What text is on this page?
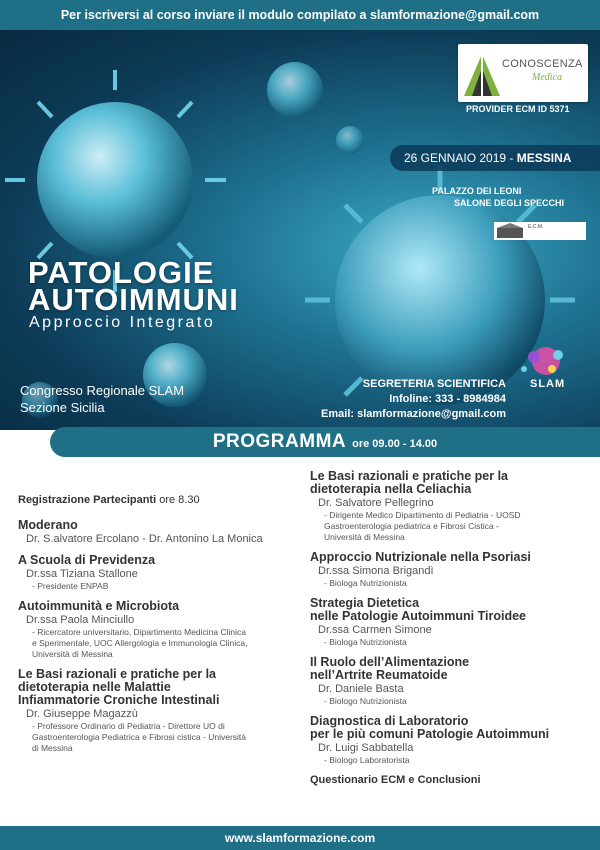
Per iscriversi al corso inviare il modulo compilato a slamformazione@gmail.com
CONOSCENZA
Medica
PROVIDER ECM ID 5371
26 GENNAIO 2019 - MESSINA
PALAZZO DEI LEONI
SALONE DEGLI SPECCHI
E.C.M.
PATOLOGIE
AUTOIMMUNI
Approccio Integrato
Congresso Regionale SLAM
Sezione Sicilia
SEGRETERIA SCIENTIFICA
Infoline: 333 - 8984984
Email: slamformazione@gmail.com
SLAM
PROGRAMMA ore 09.00 - 14.00
Registrazione Partecipanti ore 8.30
Moderano
Dr. S.alvatore Ercolano - Dr. Antonino La Monica
A Scuola di Previdenza
Dr.ssa Tiziana Stallone
- Presidente ENPAB
Autoimmunità e Microbiota
Dr.ssa Paola Minciullo
- Ricercatore universitario, Dipartimento Medicina Clinica
e Sperimentale, UOC Allergologia e Immunologia Clinica,
Università di Messina
Le Basi razionali e pratiche per la
dietoterapia nelle Malattie
Infiammatorie Croniche Intestinali
Dr. Giuseppe Magazzù
- Professore Ordinario di Pediatria - Direttore UO di
Gastroenterologia Pediatrica e Fibrosi cistica - Università
di Messina
Le Basi razionali e pratiche per la
dietoterapia nella Celiachia
Dr. Salvatore Pellegrino
- Dirigente Medico Dipartimento di Pediatria - UOSD
Gastroenterologia pediatrica e Fibrosi Cistica -
Università di Messina
Approccio Nutrizionale nella Psoriasi
Dr.ssa Simona Brigandì
- Biologa Nutrizionista
Strategia Dietetica
nelle Patologie Autoimmuni Tiroidee
Dr.ssa Carmen Simone
- Biologa Nutrizionista
Il Ruolo dell’Alimentazione
nell’Artrite Reumatoide
Dr. Daniele Basta
- Biologo Nutrizionista
Diagnostica di Laboratorio
per le più comuni Patologie Autoimmuni
Dr. Luigi Sabbatella
- Biologo Laboratorista
Questionario ECM e Conclusioni
www.slamformazione.com
